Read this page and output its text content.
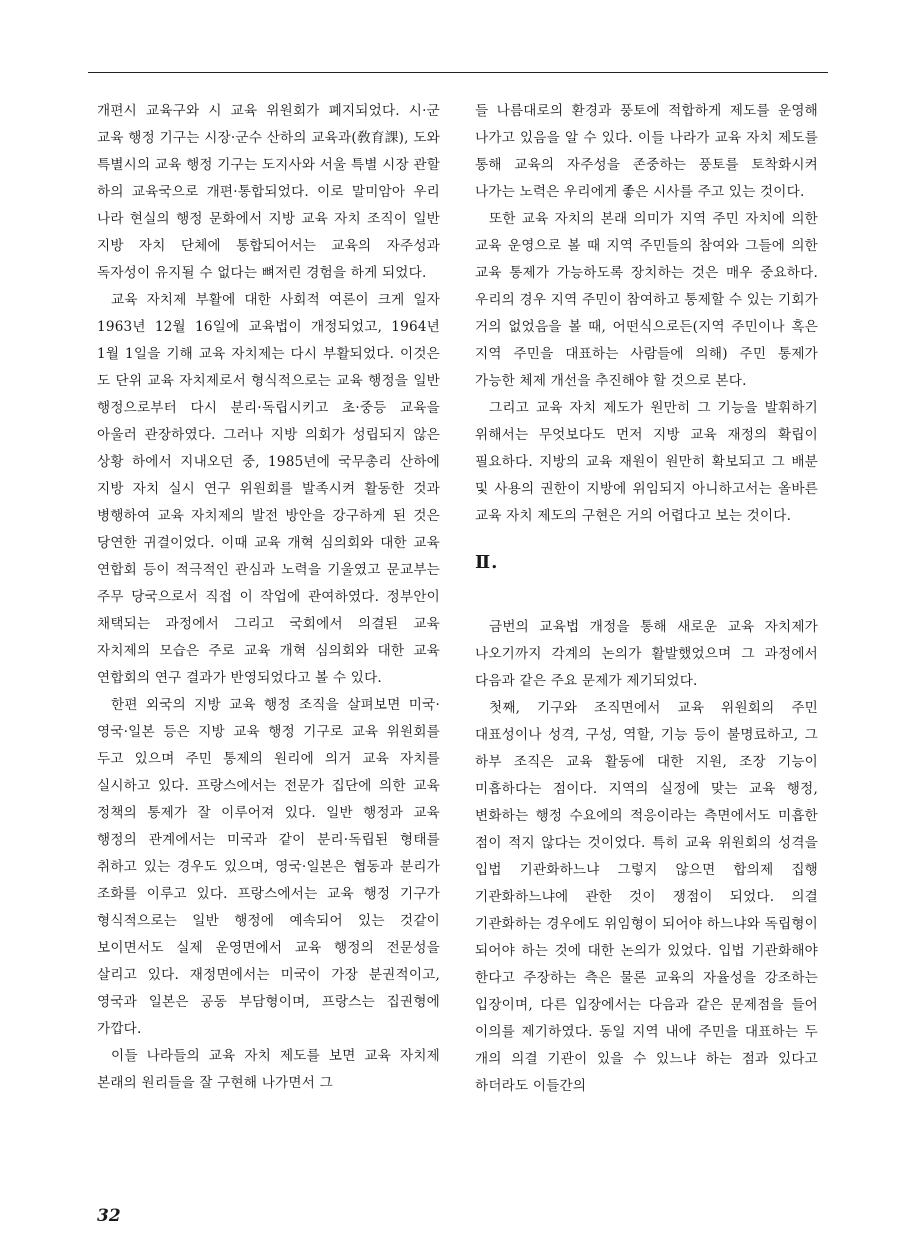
개편시 교육구와 시 교육 위원회가 폐지되었다. 시·군 교육 행정 기구는 시장·군수 산하의 교육과(敎育課), 도와 특별시의 교육 행정 기구는 도지사와 서울 특별 시장 관할 하의 교육국으로 개편·통합되었다. 이로 말미암아 우리 나라 현실의 행정 문화에서 지방 교육 자치 조직이 일반 지방 자치 단체에 통합되어서는 교육의 자주성과 독자성이 유지될 수 없다는 뼈저린 경험을 하게 되었다.

교육 자치제 부활에 대한 사회적 여론이 크게 일자 1963년 12월 16일에 교육법이 개정되었고, 1964년 1월 1일을 기해 교육 자치제는 다시 부활되었다. 이것은 도 단위 교육 자치제로서 형식적으로는 교육 행정을 일반 행정으로부터 다시 분리·독립시키고 초·중등 교육을 아울러 관장하였다. 그러나 지방 의회가 성립되지 않은 상황 하에서 지내오던 중, 1985년에 국무총리 산하에 지방 자치 실시 연구 위원회를 발족시켜 활동한 것과 병행하여 교육 자치제의 발전 방안을 강구하게 된 것은 당연한 귀결이었다. 이때 교육 개혁 심의회와 대한 교육 연합회 등이 적극적인 관심과 노력을 기울였고 문교부는 주무 당국으로서 직접 이 작업에 관여하였다. 정부안이 채택되는 과정에서 그리고 국회에서 의결된 교육 자치제의 모습은 주로 교육 개혁 심의회와 대한 교육 연합회의 연구 결과가 반영되었다고 볼 수 있다.

한편 외국의 지방 교육 행정 조직을 살펴보면 미국·영국·일본 등은 지방 교육 행정 기구로 교육 위원회를 두고 있으며 주민 통제의 원리에 의거 교육 자치를 실시하고 있다. 프랑스에서는 전문가 집단에 의한 교육 정책의 통제가 잘 이루어져 있다. 일반 행정과 교육 행정의 관계에서는 미국과 같이 분리·독립된 형태를 취하고 있는 경우도 있으며, 영국·일본은 협동과 분리가 조화를 이루고 있다. 프랑스에서는 교육 행정 기구가 형식적으로는 일반 행정에 예속되어 있는 것같이 보이면서도 실제 운영면에서 교육 행정의 전문성을 살리고 있다. 재정면에서는 미국이 가장 분권적이고, 영국과 일본은 공동 부담형이며, 프랑스는 집권형에 가깝다.

이들 나라들의 교육 자치 제도를 보면 교육 자치제 본래의 원리들을 잘 구현해 나가면서 그

들 나름대로의 환경과 풍토에 적합하게 제도를 운영해 나가고 있음을 알 수 있다. 이들 나라가 교육 자치 제도를 통해 교육의 자주성을 존중하는 풍토를 토착화시켜 나가는 노력은 우리에게 좋은 시사를 주고 있는 것이다.

또한 교육 자치의 본래 의미가 지역 주민 자치에 의한 교육 운영으로 볼 때 지역 주민들의 참여와 그들에 의한 교육 통제가 가능하도록 장치하는 것은 매우 중요하다. 우리의 경우 지역 주민이 참여하고 통제할 수 있는 기회가 거의 없었음을 볼 때, 어떤식으로든(지역 주민이나 혹은 지역 주민을 대표하는 사람들에 의해) 주민 통제가 가능한 체제 개선을 추진해야 할 것으로 본다.

그리고 교육 자치 제도가 원만히 그 기능을 발휘하기 위해서는 무엇보다도 먼저 지방 교육 재정의 확립이 필요하다. 지방의 교육 재원이 원만히 확보되고 그 배분 및 사용의 권한이 지방에 위임되지 아니하고서는 올바른 교육 자치 제도의 구현은 거의 어렵다고 보는 것이다.

Ⅱ.

금번의 교육법 개정을 통해 새로운 교육 자치제가 나오기까지 각계의 논의가 활발했었으며 그 과정에서 다음과 같은 주요 문제가 제기되었다.

첫째, 기구와 조직면에서 교육 위원회의 주민 대표성이나 성격, 구성, 역할, 기능 등이 불명료하고, 그 하부 조직은 교육 활동에 대한 지원, 조장 기능이 미흡하다는 점이다. 지역의 실정에 맞는 교육 행정, 변화하는 행정 수요에의 적응이라는 측면에서도 미흡한 점이 적지 않다는 것이었다. 특히 교육 위원회의 성격을 입법 기관화하느냐 그렇지 않으면 합의제 집행 기관화하느냐에 관한 것이 쟁점이 되었다. 의결 기관화하는 경우에도 위임형이 되어야 하느냐와 독립형이 되어야 하는 것에 대한 논의가 있었다. 입법 기관화해야 한다고 주장하는 측은 물론 교육의 자율성을 강조하는 입장이며, 다른 입장에서는 다음과 같은 문제점을 들어 이의를 제기하였다. 동일 지역 내에 주민을 대표하는 두 개의 의결 기관이 있을 수 있느냐 하는 점과 있다고 하더라도 이들간의

32
